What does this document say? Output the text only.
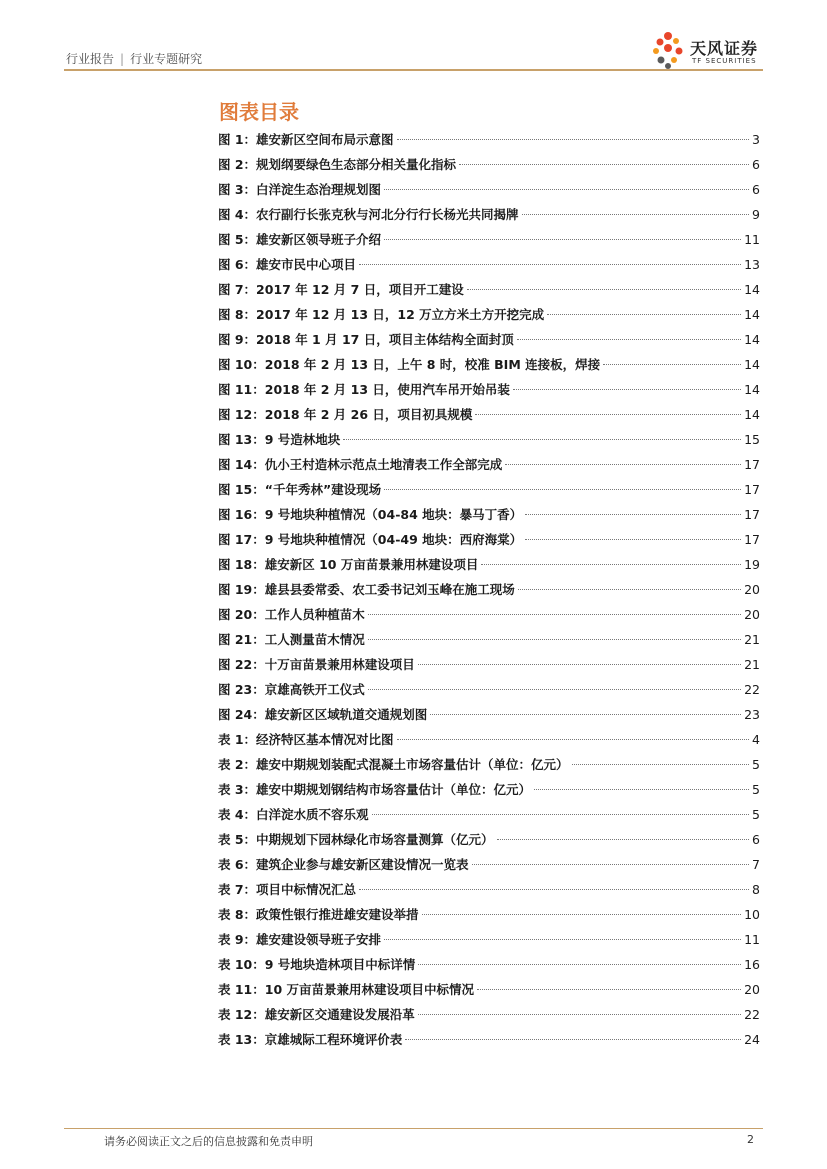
行业报告 | 行业专题研究
天风证券
TF SECURITIES
图表目录
图 1：雄安新区空间布局示意图	3
图 2：规划纲要绿色生态部分相关量化指标	6
图 3：白洋淀生态治理规划图	6
图 4：农行副行长张克秋与河北分行行长杨光共同揭牌	9
图 5：雄安新区领导班子介绍	11
图 6：雄安市民中心项目	13
图 7：2017 年 12 月 7 日，项目开工建设	14
图 8：2017 年 12 月 13 日，12 万立方米土方开挖完成	14
图 9：2018 年 1 月 17 日，项目主体结构全面封顶	14
图 10：2018 年 2 月 13 日，上午 8 时，校准 BIM 连接板，焊接	14
图 11：2018 年 2 月 13 日，使用汽车吊开始吊装	14
图 12：2018 年 2 月 26 日，项目初具规模	14
图 13：9 号造林地块	15
图 14：仇小王村造林示范点土地清表工作全部完成	17
图 15：“千年秀林”建设现场	17
图 16：9 号地块种植情况（04-84 地块：暴马丁香）	17
图 17：9 号地块种植情况（04-49 地块：西府海棠）	17
图 18：雄安新区 10 万亩苗景兼用林建设项目	19
图 19：雄县县委常委、农工委书记刘玉峰在施工现场	20
图 20：工作人员种植苗木	20
图 21：工人测量苗木情况	21
图 22：十万亩苗景兼用林建设项目	21
图 23：京雄高铁开工仪式	22
图 24：雄安新区区域轨道交通规划图	23
表 1：经济特区基本情况对比图	4
表 2：雄安中期规划装配式混凝土市场容量估计（单位：亿元）	5
表 3：雄安中期规划钢结构市场容量估计（单位：亿元）	5
表 4：白洋淀水质不容乐观	5
表 5：中期规划下园林绿化市场容量测算（亿元）	6
表 6：建筑企业参与雄安新区建设情况一览表	7
表 7：项目中标情况汇总	8
表 8：政策性银行推进雄安建设举措	10
表 9：雄安建设领导班子安排	11
表 10：9 号地块造林项目中标详情	16
表 11：10 万亩苗景兼用林建设项目中标情况	20
表 12：雄安新区交通建设发展沿革	22
表 13：京雄城际工程环境评价表	24
请务必阅读正文之后的信息披露和免责申明	2
